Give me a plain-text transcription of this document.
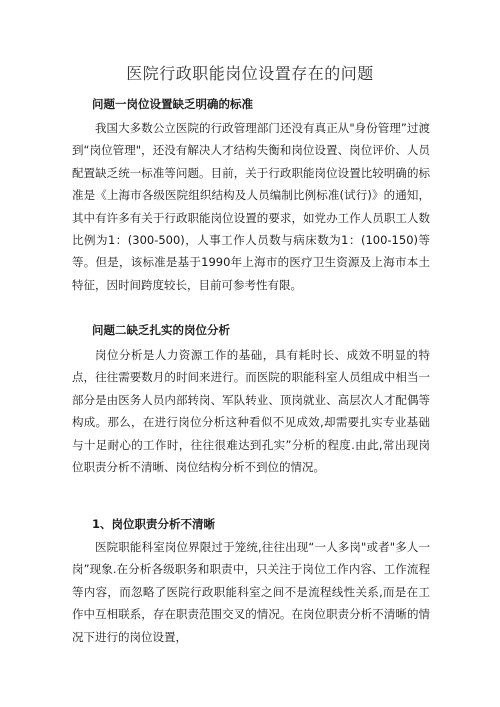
医院行政职能岗位设置存在的问题

问题一岗位设置缺乏明确的标准

我国大多数公立医院的行政管理部门还没有真正从"身份管理”过渡到“岗位管理"，还没有解决人才结构失衡和岗位设置、岗位评价、人员配置缺乏统一标准等问题。目前，关于行政职能岗位设置比较明确的标准是《上海市各级医院组织结构及人员编制比例标准(试行)》的通知，其中有许多有关于行政职能岗位设置的要求，如党办工作人员职工人数比例为1：(300-500)，人事工作人员数与病床数为1：(100-150)等等。但是，该标准是基于1990年上海市的医疗卫生资源及上海市本土特征，因时间跨度较长，目前可参考性有限。

问题二缺乏扎实的岗位分析

岗位分析是人力资源工作的基础，具有耗时长、成效不明显的特点，往往需要数月的时间来进行。而医院的职能科室人员组成中相当一部分是由医务人员内部转岗、军队转业、顶岗就业、高层次人才配偶等构成。那么，在进行岗位分析这种看似不见成效,却需要扎实专业基础与十足耐心的工作时，往往很难达到孔实”分析的程度.由此,常出现岗位职责分析不清晰、岗位结构分析不到位的情况。

1、岗位职责分析不清晰

医院职能科室岗位界限过于笼统,往往出现“一人多岗"或者"多人一岗”现象.在分析各级职务和职责中，只关注于岗位工作内容、工作流程等内容，而忽略了医院行政职能科室之间不是流程线性关系,而是在工作中互相联系，存在职责范围交叉的情况。在岗位职责分析不清晰的情况下进行的岗位设置，
